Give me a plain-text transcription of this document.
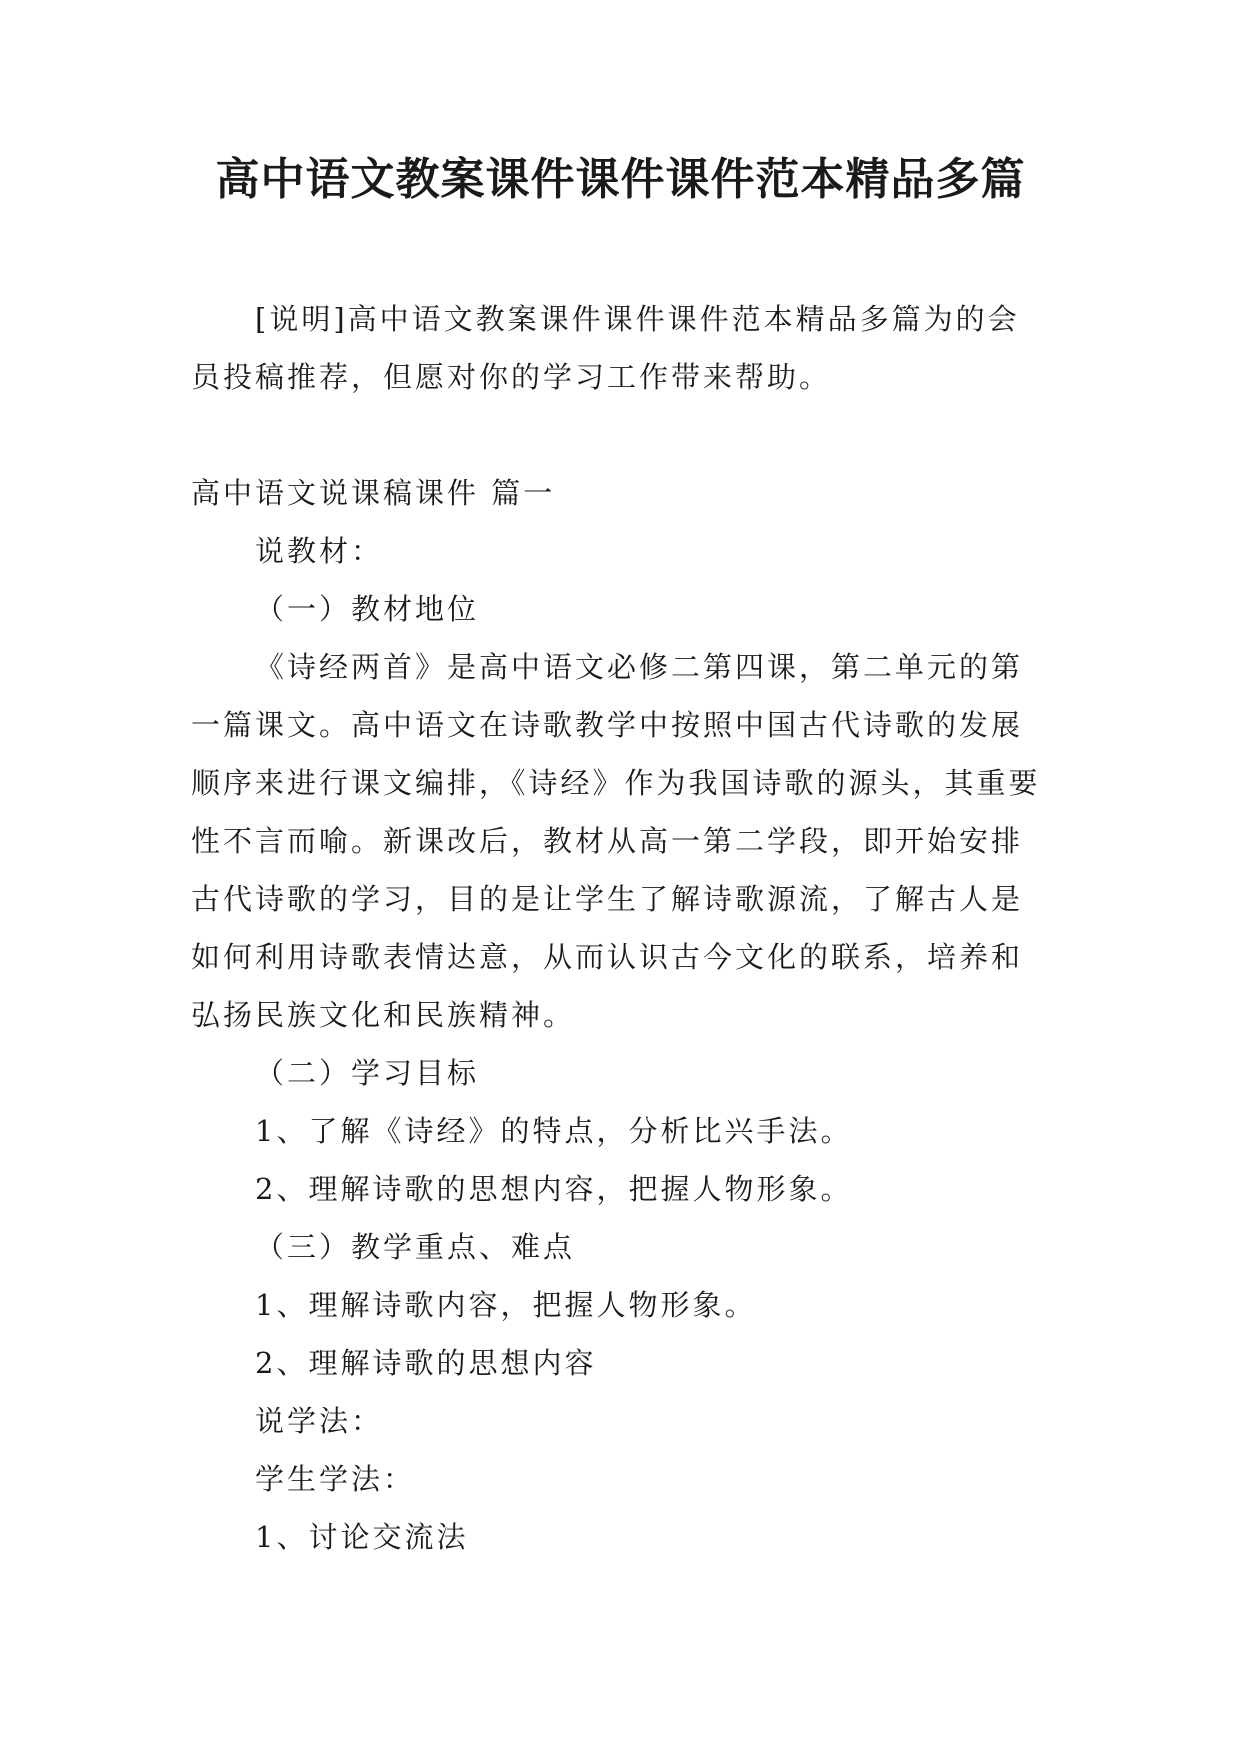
高中语文教案课件课件课件范本精品多篇

[说明]高中语文教案课件课件课件范本精品多篇为的会员投稿推荐，但愿对你的学习工作带来帮助。

高中语文说课稿课件 篇一

说教材：

（一）教材地位

《诗经两首》是高中语文必修二第四课，第二单元的第一篇课文。高中语文在诗歌教学中按照中国古代诗歌的发展顺序来进行课文编排，《诗经》作为我国诗歌的源头，其重要性不言而喻。新课改后，教材从高一第二学段，即开始安排古代诗歌的学习，目的是让学生了解诗歌源流，了解古人是如何利用诗歌表情达意，从而认识古今文化的联系，培养和弘扬民族文化和民族精神。

（二）学习目标

1、了解《诗经》的特点，分析比兴手法。

2、理解诗歌的思想内容，把握人物形象。

（三）教学重点、难点

1、理解诗歌内容，把握人物形象。

2、理解诗歌的思想内容

说学法：

学生学法：

1、讨论交流法
